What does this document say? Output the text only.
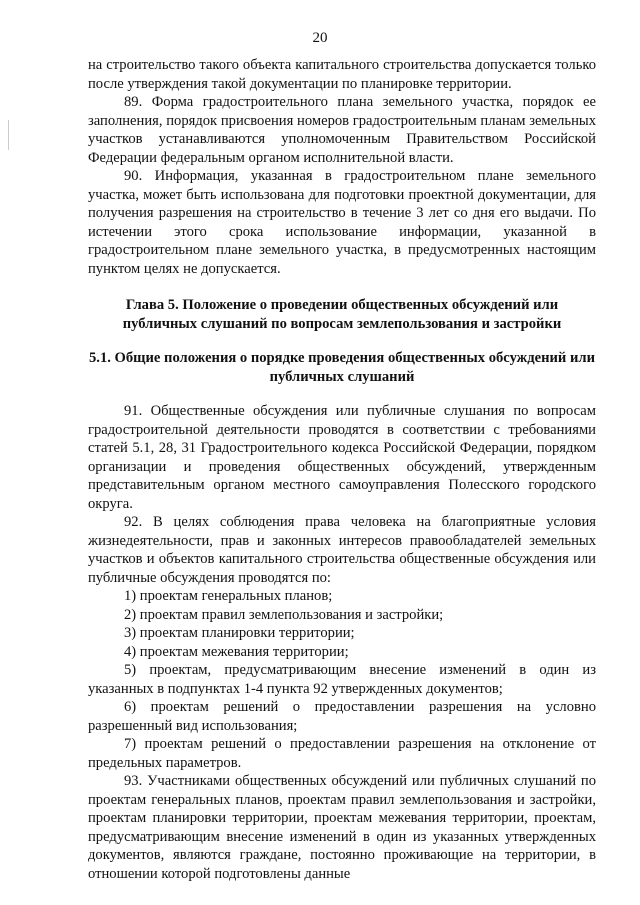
20

на строительство такого объекта капитального строительства допускается только после утверждения такой документации по планировке территории.

89. Форма градостроительного плана земельного участка, порядок ее заполнения, порядок присвоения номеров градостроительным планам земельных участков устанавливаются уполномоченным Правительством Российской Федерации федеральным органом исполнительной власти.

90. Информация, указанная в градостроительном плане земельного участка, может быть использована для подготовки проектной документации, для получения разрешения на строительство в течение 3 лет со дня его выдачи. По истечении этого срока использование информации, указанной в градостроительном плане земельного участка, в предусмотренных настоящим пунктом целях не допускается.

Глава 5. Положение о проведении общественных обсуждений или публичных слушаний по вопросам землепользования и застройки

5.1. Общие положения о порядке проведения общественных обсуждений или публичных слушаний

91. Общественные обсуждения или публичные слушания по вопросам градостроительной деятельности проводятся в соответствии с требованиями статей 5.1, 28, 31 Градостроительного кодекса Российской Федерации, порядком организации и проведения общественных обсуждений, утвержденным представительным органом местного самоуправления Полесского городского округа.

92. В целях соблюдения права человека на благоприятные условия жизнедеятельности, прав и законных интересов правообладателей земельных участков и объектов капитального строительства общественные обсуждения или публичные обсуждения проводятся по:

1) проектам генеральных планов;

2) проектам правил землепользования и застройки;

3) проектам планировки территории;

4) проектам межевания территории;

5) проектам, предусматривающим внесение изменений в один из указанных в подпунктах 1-4 пункта 92 утвержденных документов;

6) проектам решений о предоставлении разрешения на условно разрешенный вид использования;

7) проектам решений о предоставлении разрешения на отклонение от предельных параметров.

93. Участниками общественных обсуждений или публичных слушаний по проектам генеральных планов, проектам правил землепользования и застройки, проектам планировки территории, проектам межевания территории, проектам, предусматривающим внесение изменений в один из указанных утвержденных документов, являются граждане, постоянно проживающие на территории, в отношении которой подготовлены данные
